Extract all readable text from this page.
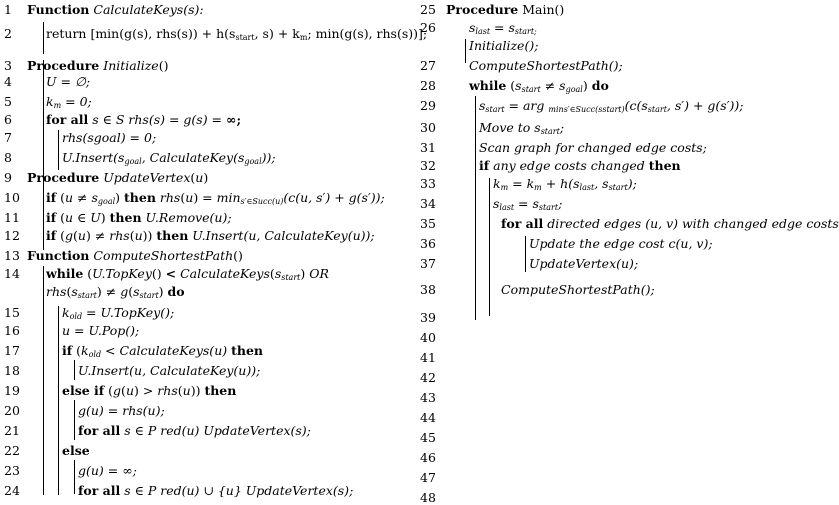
1 Function CalculateKeys(s):
2	return [min(g(s), $rhs(s)) + h(s_{start}$, $s) + k_m$; min(g(s), rhs(s))];
3 Procedure Initialize()
4	U = ∅;
5	$k_m = 0$;
6	for all s ∈ S rhs(s) = g(s) = ∞;
7	rhs(sgoal) = 0;
8	$U.Insert(s_{goal}$, $CalculateKey(s_{goal})$);
9 Procedure UpdateVertex(u)
10 if $(u \ne s_{goal})$ then $rhs(u) = \min_{s'\in Succ(u)}(c(u$, s′) + g(s′));
11 if (u ∈ U) then U.Remove(u);
12 if (g(u) ≠ rhs(u)) then U.Insert(u, CalculateKey(u));
13 Function ComputeShortestPath()
14 while (U.TopKey() < $CalculateKeys(s_{start})$ OR
$rhs(s_{start}) \ne g(s_{start})$ do
15	$k_{old}$ = U.TopKey();
16	u = U.Pop();
17	if ($k_{old}$ < CalculateKeys(u) then
18	U.Insert(u, CalculateKey(u));
19	else if (g(u) > rhs(u)) then
20	g(u) = rhs(u);
21	for all s ∈ P red(u) UpdateVertex(s);
22	else
23	g(u) = ∞;
24	for all s ∈ P red(u) ∪ {u} UpdateVertex(s);
25 Procedure Main()
26	$s_{last} = s_{start;}$
Initialize();
27	ComputeShortestPath();
28	while $(s_{start} \ne s_{goal})$ do
29	$s_{start}$ = arg $_{mins'\in Succ(sstart)}(c(s_{start}$, s′) + g(s′));
30	Move to $s_{start}$;
31	Scan graph for changed edge costs;
32	if any edge costs changed then
33	$k_m = k_m + h(s_{last}$, $s_{start}$);
34	$s_{last} = s_{start}$;
35	for all directed edges (u, v) with changed edge costs
36	Update the edge cost c(u, v);
37	UpdateVertex(u);
38	ComputeShortestPath();
39
40
41
42
43
44
45
46
47
48
